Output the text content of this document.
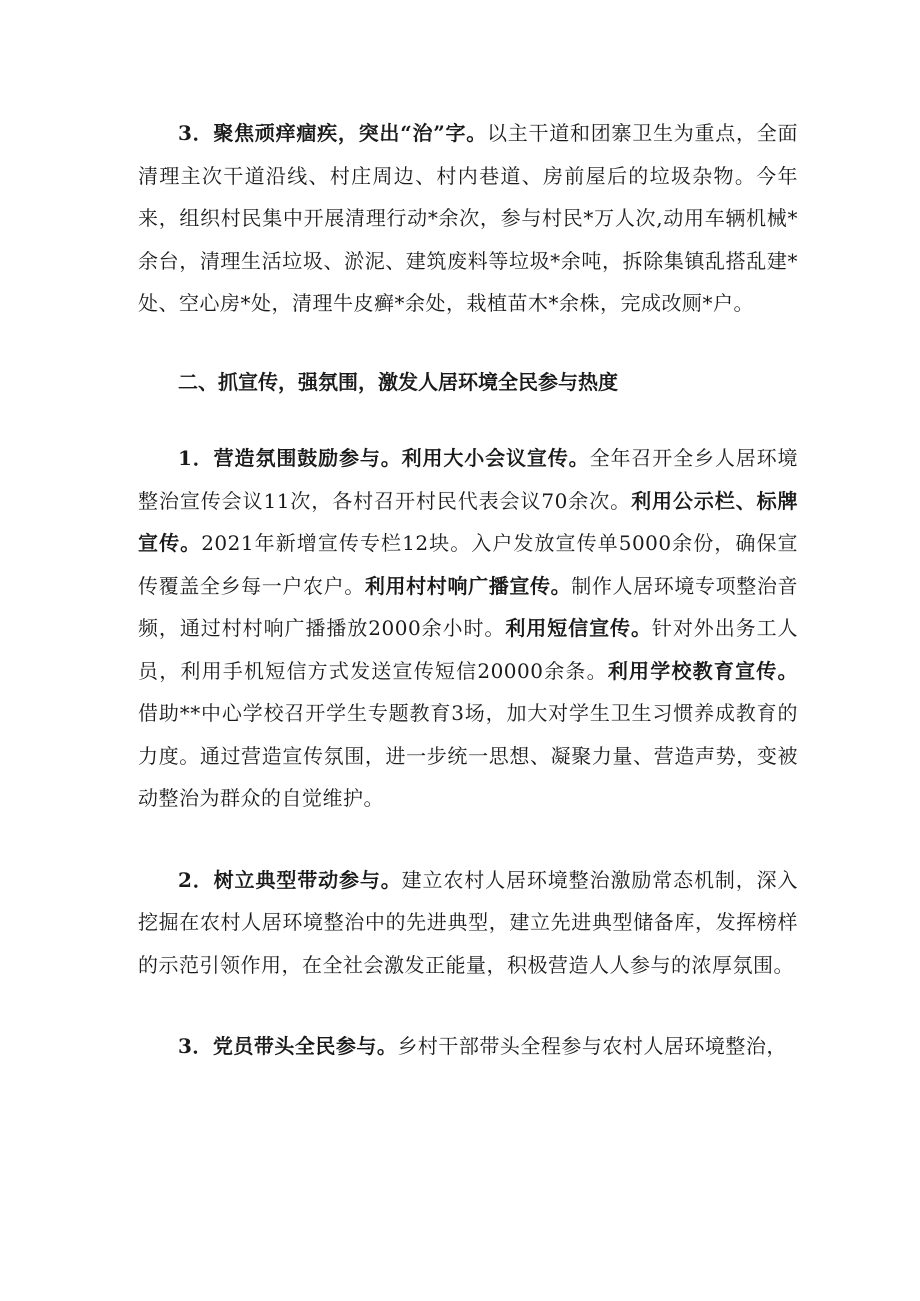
3．聚焦顽痒痼疾，突出“治”字。以主干道和团寨卫生为重点，全面清理主次干道沿线、村庄周边、村内巷道、房前屋后的垃圾杂物。今年来，组织村民集中开展清理行动*余次，参与村民*万人次,动用车辆机械*余台，清理生活垃圾、淤泥、建筑废料等垃圾*余吨，拆除集镇乱搭乱建*处、空心房*处，清理牛皮癣*余处，栽植苗木*余株，完成改厕*户。

二、抓宣传，强氛围，激发人居环境全民参与热度

1．营造氛围鼓励参与。利用大小会议宣传。全年召开全乡人居环境整治宣传会议11次，各村召开村民代表会议70余次。利用公示栏、标牌宣传。2021年新增宣传专栏12块。入户发放宣传单5000余份，确保宣传覆盖全乡每一户农户。利用村村响广播宣传。制作人居环境专项整治音频，通过村村响广播播放2000余小时。利用短信宣传。针对外出务工人员，利用手机短信方式发送宣传短信20000余条。利用学校教育宣传。借助**中心学校召开学生专题教育3场，加大对学生卫生习惯养成教育的力度。通过营造宣传氛围，进一步统一思想、凝聚力量、营造声势，变被动整治为群众的自觉维护。

2．树立典型带动参与。建立农村人居环境整治激励常态机制，深入挖掘在农村人居环境整治中的先进典型，建立先进典型储备库，发挥榜样的示范引领作用，在全社会激发正能量，积极营造人人参与的浓厚氛围。

3．党员带头全民参与。乡村干部带头全程参与农村人居环境整治，
